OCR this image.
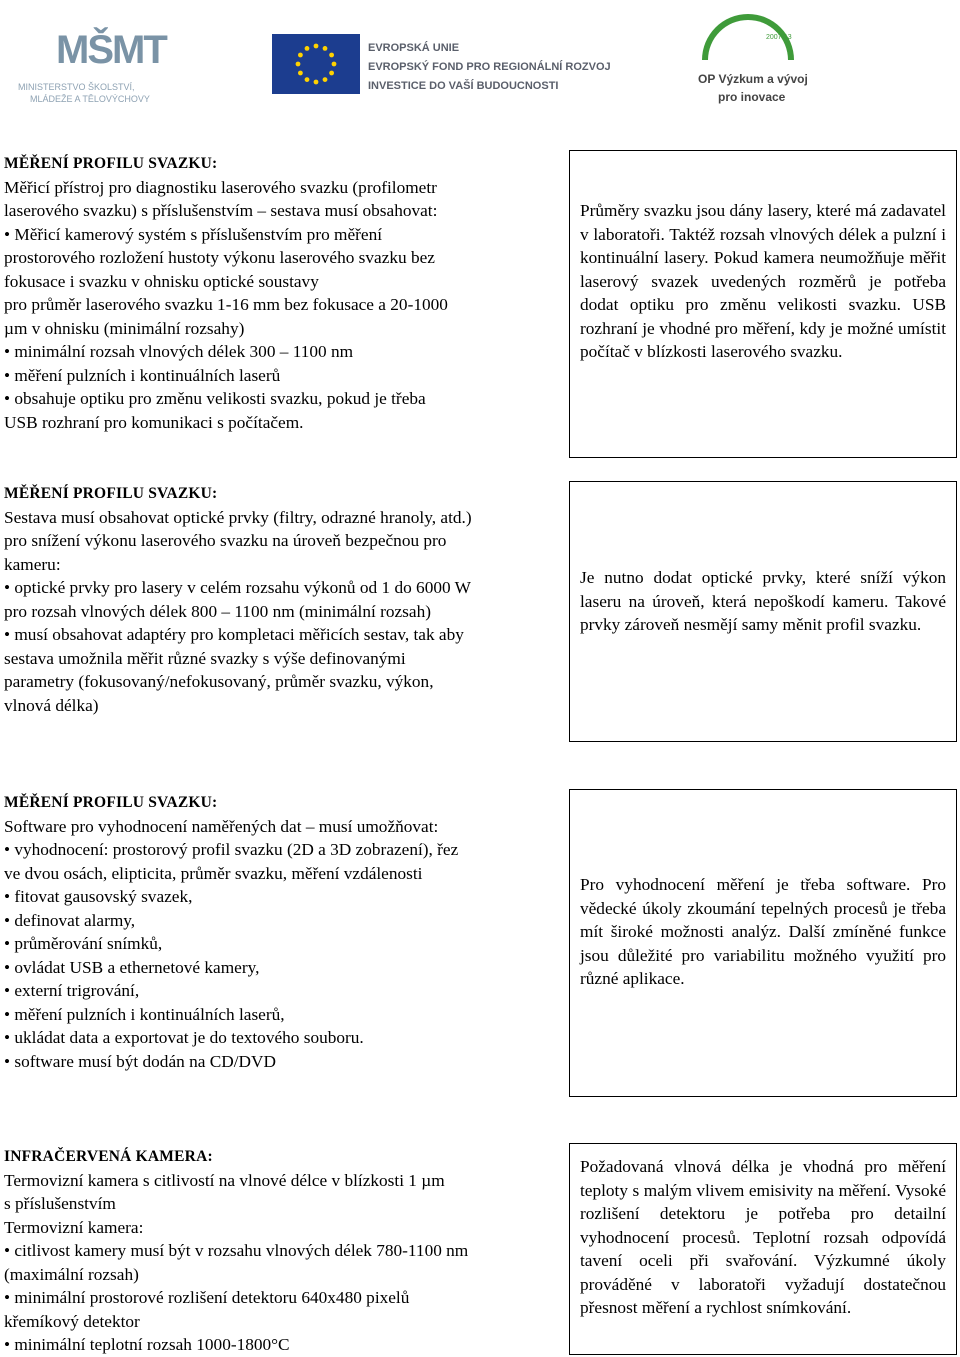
MŠMT
MINISTERSTVO ŠKOLSTVÍ,
MLÁDEŽE A TĚLOVÝCHOVY
EVROPSKÁ UNIE
EVROPSKÝ FOND PRO REGIONÁLNÍ ROZVOJ
INVESTICE DO VAŠÍ BUDOUCNOSTI
2007-13
OP Výzkum a vývoj
pro inovace
MĚŘENÍ PROFILU SVAZKU:
Měřicí přístroj pro diagnostiku laserového svazku (profilometr
laserového svazku) s příslušenstvím – sestava musí obsahovat:
• Měřicí kamerový systém s příslušenstvím pro měření
prostorového rozložení hustoty výkonu laserového svazku bez
fokusace i svazku v ohnisku optické soustavy
pro průměr laserového svazku 1-16 mm bez fokusace a 20-1000
µm v ohnisku (minimální rozsahy)
• minimální rozsah vlnových délek 300 – 1100 nm
• měření pulzních i kontinuálních laserů
• obsahuje optiku pro změnu velikosti svazku, pokud je třeba
USB rozhraní pro komunikaci s počítačem.
Průměry svazku jsou dány lasery, které má zadavatel v laboratoři. Taktéž rozsah vlnových délek a pulzní i kontinuální lasery. Pokud kamera neumožňuje měřit laserový svazek uvedených rozměrů je potřeba dodat optiku pro změnu velikosti svazku. USB rozhraní je vhodné pro měření, kdy je možné umístit počítač v blízkosti laserového svazku.
MĚŘENÍ PROFILU SVAZKU:
Sestava musí obsahovat optické prvky (filtry, odrazné hranoly, atd.)
pro snížení výkonu laserového svazku na úroveň bezpečnou pro
kameru:
• optické prvky pro lasery v celém rozsahu výkonů od 1 do 6000 W
pro rozsah vlnových délek 800 – 1100 nm (minimální rozsah)
• musí obsahovat adaptéry pro kompletaci měřicích sestav, tak aby
sestava umožnila měřit různé svazky s výše definovanými
parametry (fokusovaný/nefokusovaný, průměr svazku, výkon,
vlnová délka)
Je nutno dodat optické prvky, které sníží výkon laseru na úroveň, která nepoškodí kameru. Takové prvky zároveň nesmějí samy měnit profil svazku.
MĚŘENÍ PROFILU SVAZKU:
Software pro vyhodnocení naměřených dat – musí umožňovat:
• vyhodnocení: prostorový profil svazku (2D a 3D zobrazení), řez
ve dvou osách, elipticita, průměr svazku, měření vzdálenosti
• fitovat gausovský svazek,
• definovat alarmy,
• průměrování snímků,
• ovládat USB a ethernetové kamery,
• externí trigrování,
• měření pulzních i kontinuálních laserů,
• ukládat data a exportovat je do textového souboru.
• software musí být dodán na CD/DVD
Pro vyhodnocení měření je třeba software. Pro vědecké úkoly zkoumání tepelných procesů je třeba mít široké možnosti analýz. Další zmíněné funkce jsou důležité pro variabilitu možného využití pro různé aplikace.
INFRAČERVENÁ KAMERA:
Termovizní kamera s citlivostí na vlnové délce v blízkosti 1 µm
s příslušenstvím
Termovizní kamera:
• citlivost kamery musí být v rozsahu vlnových délek 780-1100 nm
(maximální rozsah)
• minimální prostorové rozlišení detektoru 640x480 pixelů
křemíkový detektor
• minimální teplotní rozsah 1000-1800°C
Požadovaná vlnová délka je vhodná pro měření teploty s malým vlivem emisivity na měření. Vysoké rozlišení detektoru je potřeba pro detailní vyhodnocení procesů. Teplotní rozsah odpovídá tavení oceli při svařování. Výzkumné úkoly prováděné v laboratoři vyžadují dostatečnou přesnost měření a rychlost snímkování.
